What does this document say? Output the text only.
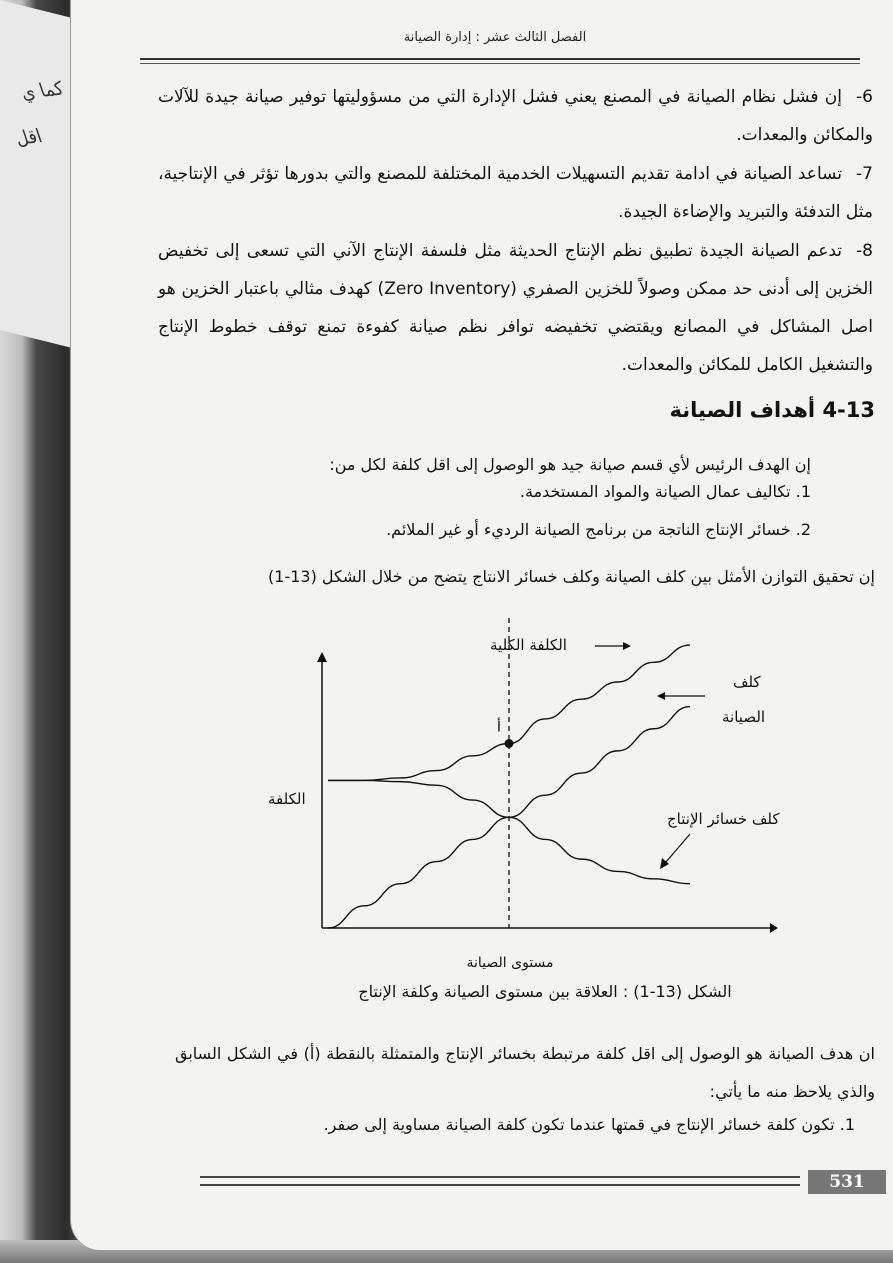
كما ي
اقل
الفصل الثالث عشر : إدارة الصيانة
6-إن فشل نظام الصيانة في المصنع يعني فشل الإدارة التي من مسؤوليتها توفير صيانة جيدة للآلات والمكائن والمعدات.
7-تساعد الصيانة في ادامة تقديم التسهيلات الخدمية المختلفة للمصنع والتي بدورها تؤثر في الإنتاجية، مثل التدفئة والتبريد والإضاءة الجيدة.
8-تدعم الصيانة الجيدة تطبيق نظم الإنتاج الحديثة مثل فلسفة الإنتاج الآني التي تسعى إلى تخفيض الخزين إلى أدنى حد ممكن وصولاً للخزين الصفري (Zero Inventory) كهدف مثالي باعتبار الخزين هو اصل المشاكل في المصانع ويقتضي تخفيضه توافر نظم صيانة كفوءة تمنع توقف خطوط الإنتاج والتشغيل الكامل للمكائن والمعدات.
4-13 أهداف الصيانة
إن الهدف الرئيس لأي قسم صيانة جيد هو الوصول إلى اقل كلفة لكل من:
1. تكاليف عمال الصيانة والمواد المستخدمة.
2. خسائر الإنتاج الناتجة من برنامج الصيانة الرديء أو غير الملائم.
إن تحقيق التوازن الأمثل بين كلف الصيانة وكلف خسائر الانتاج يتضح من خلال الشكل (13-1)
أ
الكلفة الكلية
كلف
الصيانة
كلف خسائر الإنتاج
الكلفة
مستوى الصيانة
الشكل (13-1) : العلاقة بين مستوى الصيانة وكلفة الإنتاج
ان هدف الصيانة هو الوصول إلى اقل كلفة مرتبطة بخسائر الإنتاج والمتمثلة بالنقطة (أ) في الشكل السابق والذي يلاحظ منه ما يأتي:
1. تكون كلفة خسائر الإنتاج في قمتها عندما تكون كلفة الصيانة مساوية إلى صفر.
531
